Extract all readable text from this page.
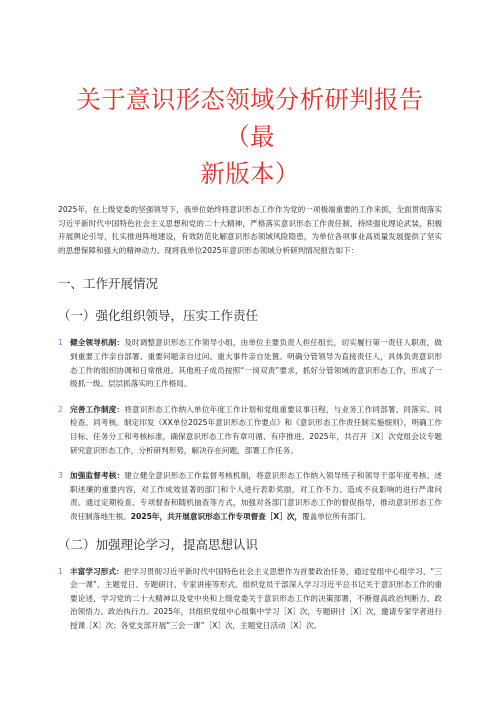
关于意识形态领域分析研判报告（最
新版本）

2025年，在上级党委的坚强领导下，我单位始终将意识形态工作作为党的一项极端重要的工作来抓，全面贯彻落实习近平新时代中国特色社会主义思想和党的二十大精神，严格落实意识形态工作责任制，持续强化理论武装，积极开展舆论引导，扎实推进阵地建设，有效防范化解意识形态领域风险隐患，为单位各项事业高质量发展提供了坚实的思想保障和强大的精神动力。现将我单位2025年意识形态领域分析研判情况报告如下：

一、工作开展情况
（一）强化组织领导，压实工作责任
1 健全领导机制：及时调整意识形态工作领导小组，由单位主要负责人担任组长，切实履行第一责任人职责，做到重要工作亲自部署、重要问题亲自过问、重大事件亲自处置。明确分管领导为直接责任人，具体负责意识形态工作的组织协调和日常推进。其他班子成员按照“一岗双责”要求，抓好分管领域的意识形态工作，形成了一级抓一级、层层抓落实的工作格局。
2 完善工作制度：将意识形态工作纳入单位年度工作计划和党组重要议事日程，与业务工作同部署、同落实、同检查、同考核。制定印发《XX单位2025年意识形态工作要点》和《意识形态工作责任制实施细则》，明确工作目标、任务分工和考核标准，确保意识形态工作有章可循、有序推进。2025年，共召开［X］次党组会议专题研究意识形态工作，分析研判形势，解决存在问题，部署工作任务。
3 加强监督考核：建立健全意识形态工作监督考核机制，将意识形态工作纳入领导班子和领导干部年度考核、述职述廉的重要内容，对工作成效显著的部门和个人进行表彰奖励，对工作不力、造成不良影响的进行严肃问责。通过定期检查、专项督查和随机抽查等方式，加强对各部门意识形态工作的督促指导，推动意识形态工作责任制落地生根。2025年，共开展意识形态工作专项督查［X］次，覆盖单位所有部门。
（二）加强理论学习，提高思想认识
1 丰富学习形式：把学习贯彻习近平新时代中国特色社会主义思想作为首要政治任务，通过党组中心组学习、“三会一课”、主题党日、专题研讨、专家讲座等形式，组织党员干部深入学习习近平总书记关于意识形态工作的重要论述，学习党的二十大精神以及党中央和上级党委关于意识形态工作的决策部署，不断提高政治判断力、政治领悟力、政治执行力。2025年，共组织党组中心组集中学习［X］次，专题研讨［X］次，邀请专家学者进行授课［X］次；各党支部开展“三会一课”［X］次，主题党日活动［X］次。
